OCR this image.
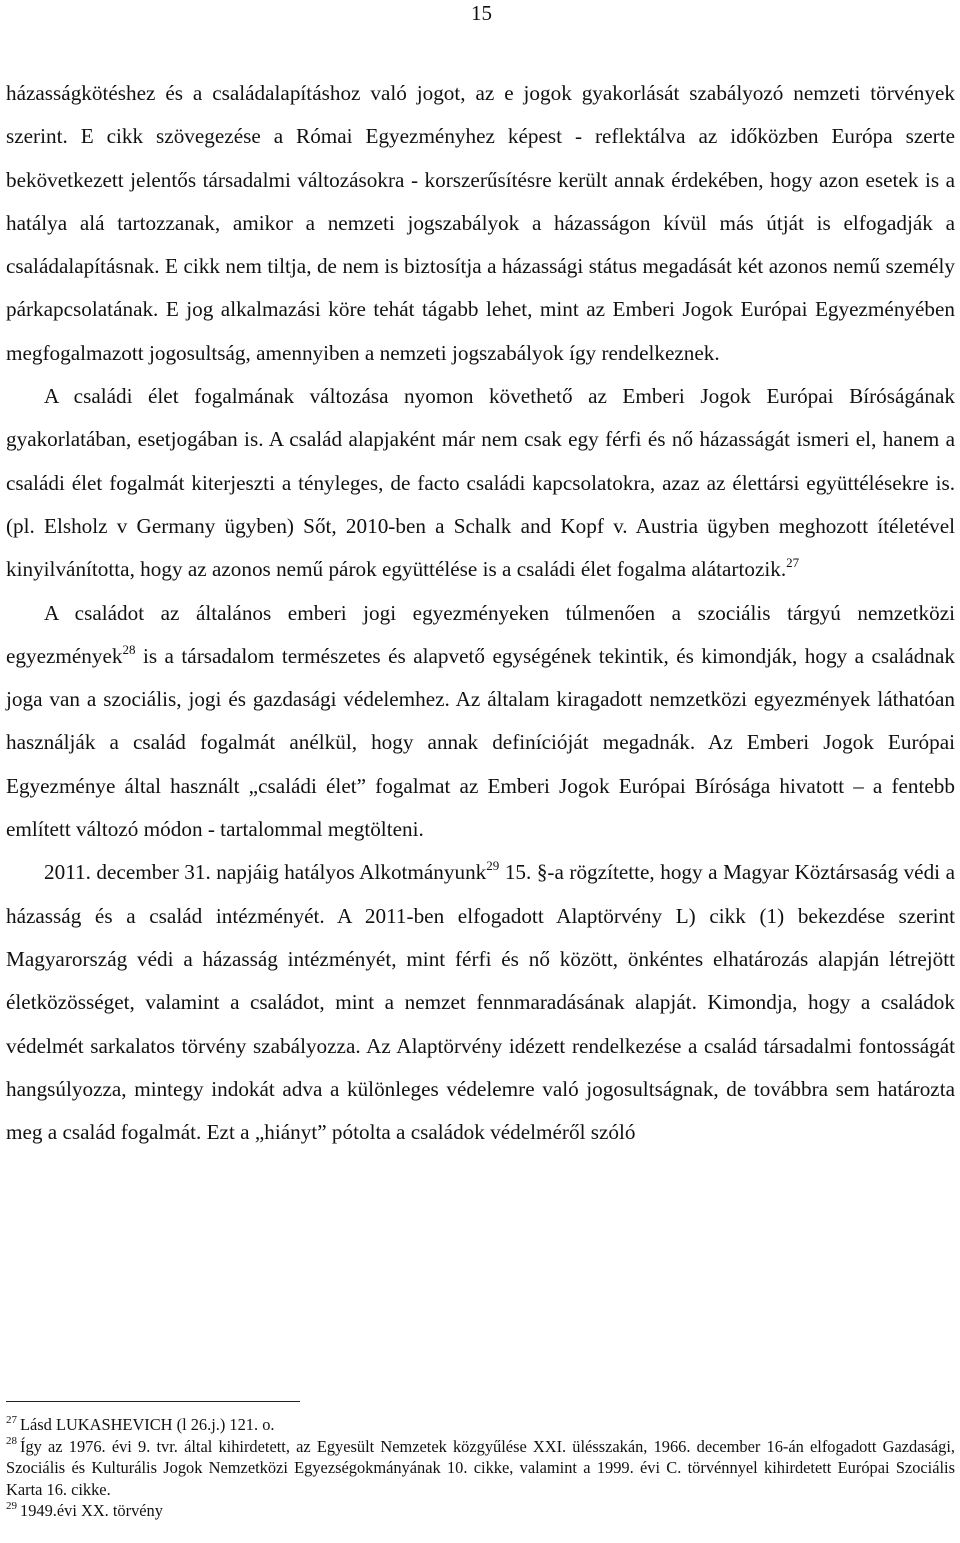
15

házasságkötéshez és a családalapításhoz való jogot, az e jogok gyakorlását szabályozó nemzeti törvények szerint. E cikk szövegezése a Római Egyezményhez képest - reflektálva az időközben Európa szerte bekövetkezett jelentős társadalmi változásokra - korszerűsítésre került annak érdekében, hogy azon esetek is a hatálya alá tartozzanak, amikor a nemzeti jogszabályok a házasságon kívül más útját is elfogadják a családalapításnak. E cikk nem tiltja, de nem is biztosítja a házassági státus megadását két azonos nemű személy párkapcsolatának. E jog alkalmazási köre tehát tágabb lehet, mint az Emberi Jogok Európai Egyezményében megfogalmazott jogosultság, amennyiben a nemzeti jogszabályok így rendelkeznek.

A családi élet fogalmának változása nyomon követhető az Emberi Jogok Európai Bíróságának gyakorlatában, esetjogában is. A család alapjaként már nem csak egy férfi és nő házasságát ismeri el, hanem a családi élet fogalmát kiterjeszti a tényleges, de facto családi kapcsolatokra, azaz az élettársi együttélésekre is. (pl. Elsholz v Germany ügyben) Sőt, 2010-ben a Schalk and Kopf v. Austria ügyben meghozott ítéletével kinyilvánította, hogy az azonos nemű párok együttélése is a családi élet fogalma alátartozik.$^{27}$

A családot az általános emberi jogi egyezményeken túlmenően a szociális tárgyú nemzetközi egyezmények$^{28}$ is a társadalom természetes és alapvető egységének tekintik, és kimondják, hogy a családnak joga van a szociális, jogi és gazdasági védelemhez. Az általam kiragadott nemzetközi egyezmények láthatóan használják a család fogalmát anélkül, hogy annak definícióját megadnák. Az Emberi Jogok Európai Egyezménye által használt „családi élet” fogalmat az Emberi Jogok Európai Bírósága hivatott – a fentebb említett változó módon - tartalommal megtölteni.

2011. december 31. napjáig hatályos Alkotmányunk$^{29}$ 15. §-a rögzítette, hogy a Magyar Köztársaság védi a házasság és a család intézményét. A 2011-ben elfogadott Alaptörvény L) cikk (1) bekezdése szerint Magyarország védi a házasság intézményét, mint férfi és nő között, önkéntes elhatározás alapján létrejött életközösséget, valamint a családot, mint a nemzet fennmaradásának alapját. Kimondja, hogy a családok védelmét sarkalatos törvény szabályozza. Az Alaptörvény idézett rendelkezése a család társadalmi fontosságát hangsúlyozza, mintegy indokát adva a különleges védelemre való jogosultságnak, de továbbra sem határozta meg a család fogalmát. Ezt a „hiányt” pótolta a családok védelméről szóló

$^{27}$ Lásd LUKASHEVICH (l 26.j.) 121. o.

$^{28}$ Így az 1976. évi 9. tvr. által kihirdetett, az Egyesült Nemzetek közgyűlése XXI. ülésszakán, 1966. december 16-án elfogadott Gazdasági, Szociális és Kulturális Jogok Nemzetközi Egyezségokmányának 10. cikke, valamint a 1999. évi C. törvénnyel kihirdetett Európai Szociális Karta 16. cikke.

$^{29}$ 1949.évi XX. törvény
